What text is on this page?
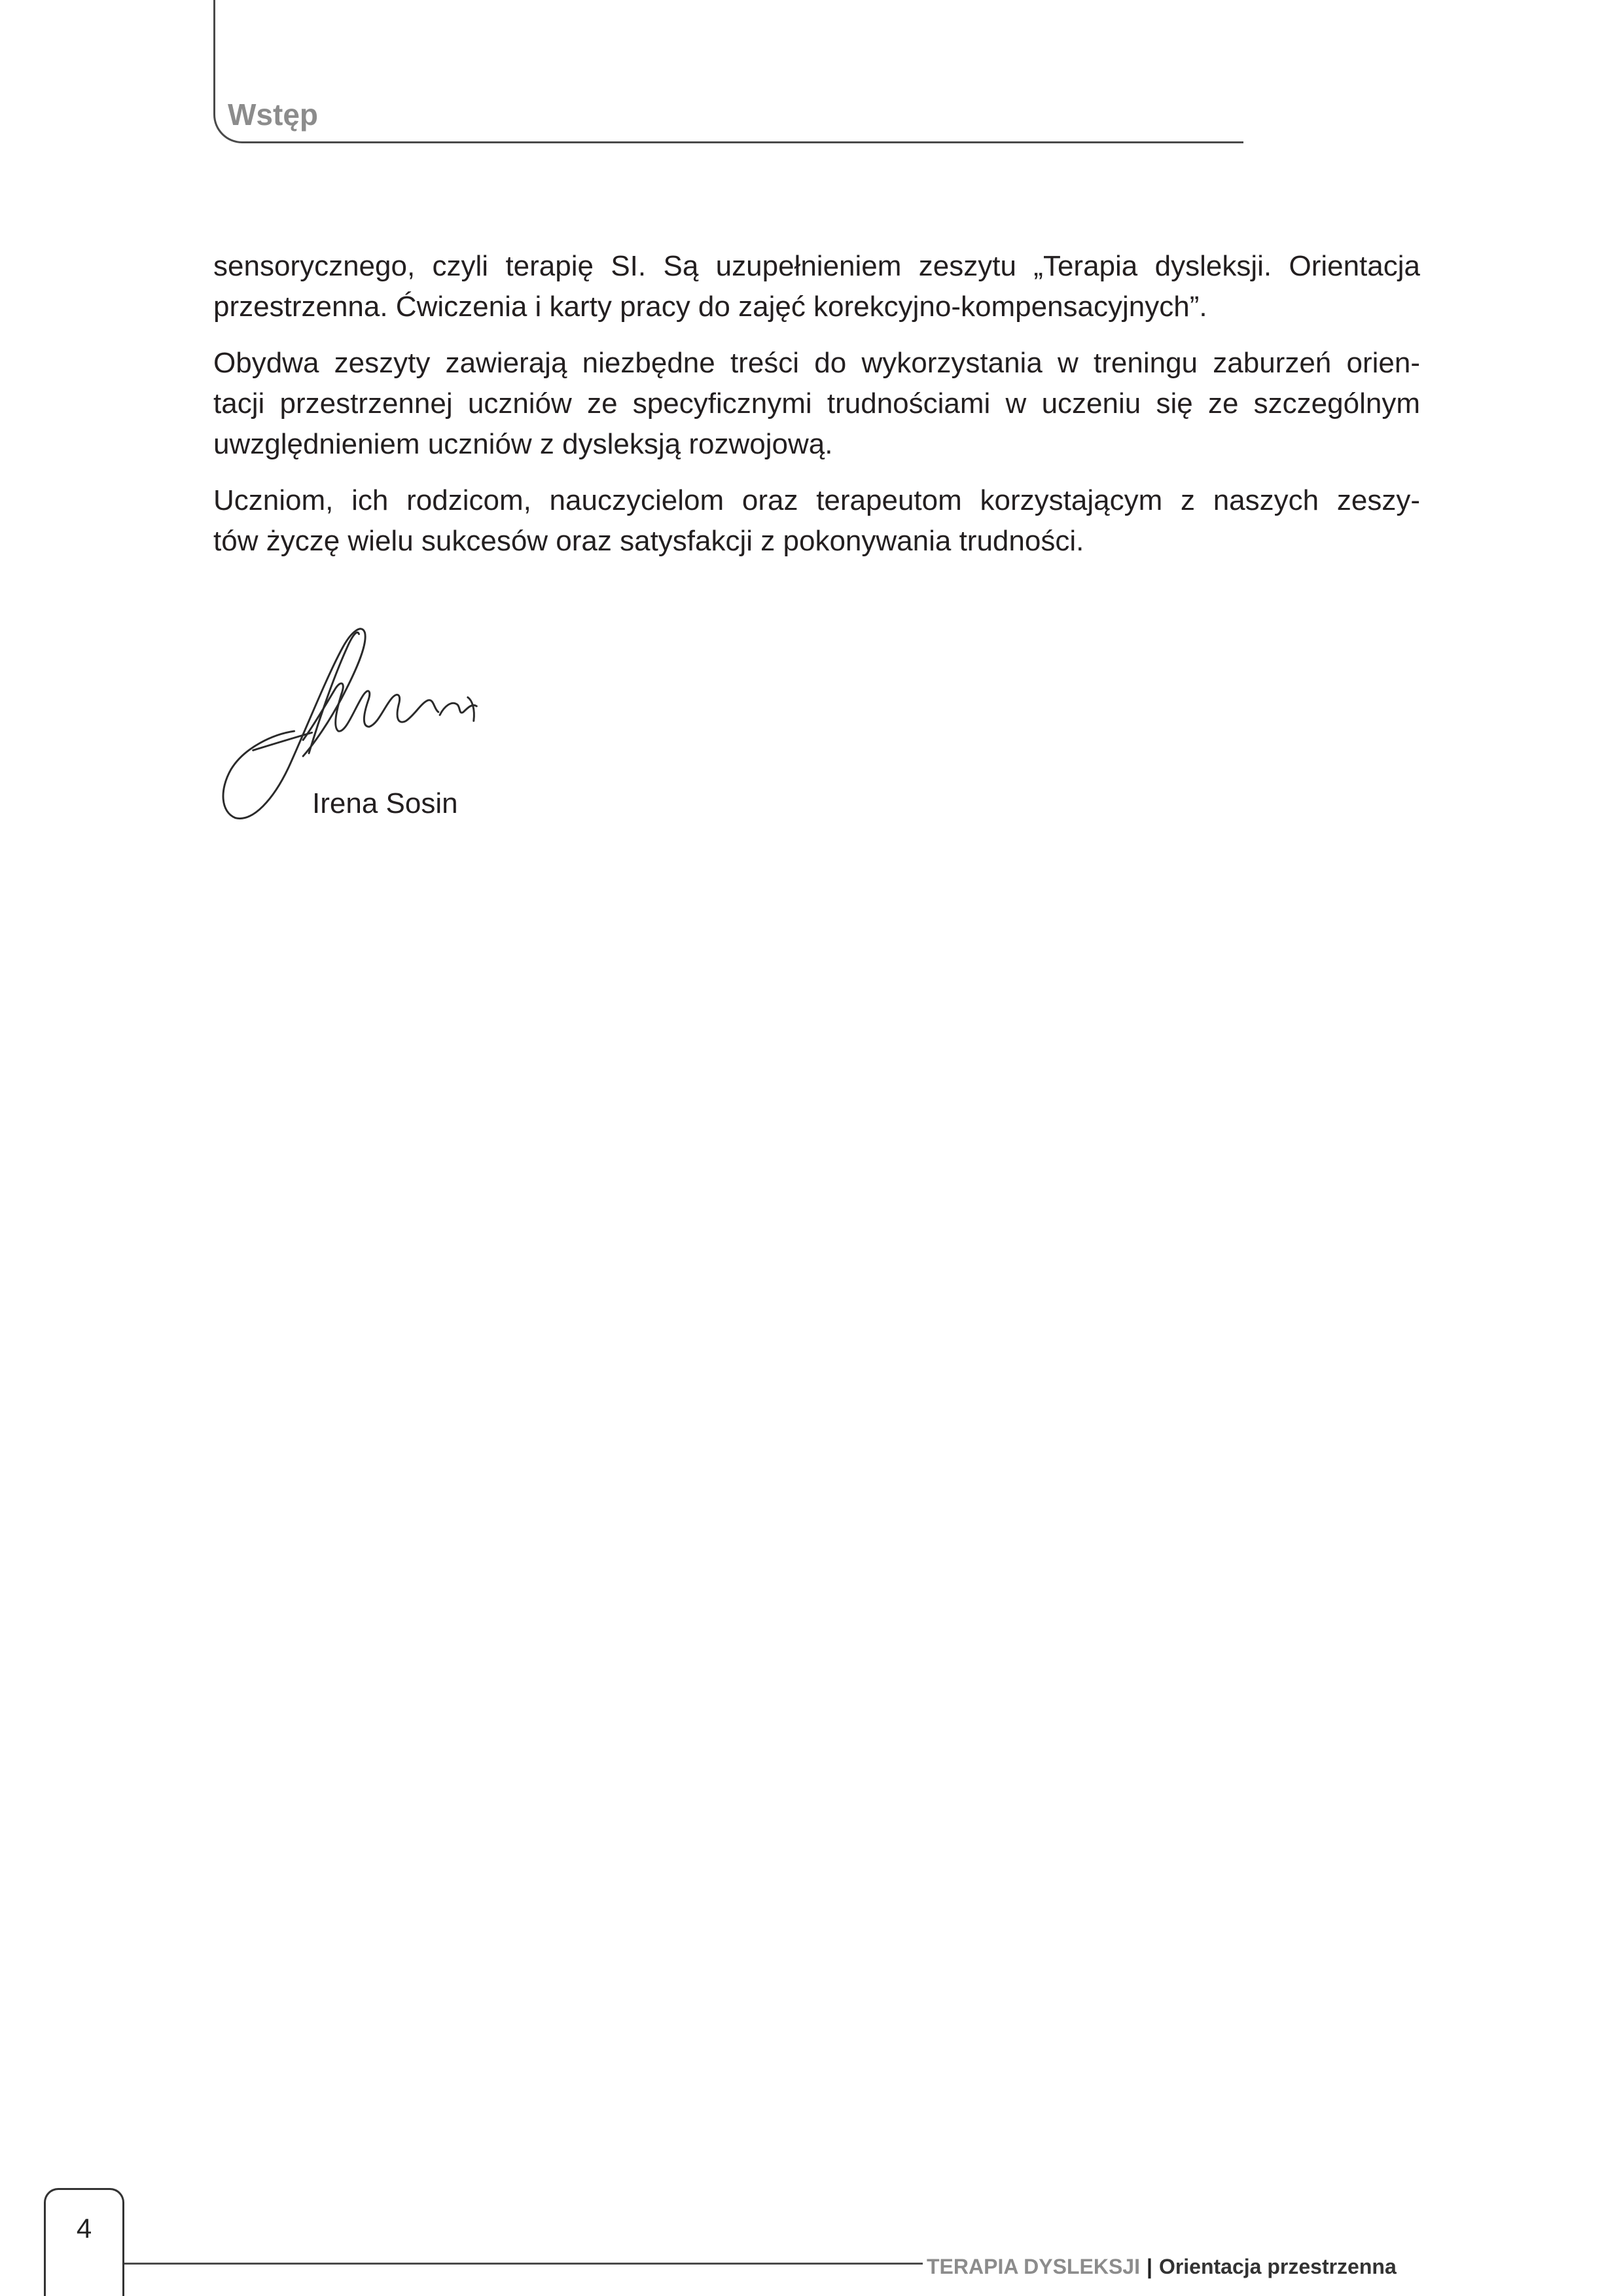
Wstęp
sensorycznego, czyli terapię SI. Są uzupełnieniem zeszytu „Terapia dysleksji. Orientacja
przestrzenna. Ćwiczenia i karty pracy do zajęć korekcyjno-kompensacyjnych”.
Obydwa zeszyty zawierają niezbędne treści do wykorzystania w treningu zaburzeń orien-
tacji przestrzennej uczniów ze specyficznymi trudnościami w uczeniu się ze szczególnym
uwzględnieniem uczniów z dysleksją rozwojową.
Uczniom, ich rodzicom, nauczycielom oraz terapeutom korzystającym z naszych zeszy-
tów życzę wielu sukcesów oraz satysfakcji z pokonywania trudności.
Irena Sosin
4
TERAPIA DYSLEKSJI | Orientacja przestrzenna
